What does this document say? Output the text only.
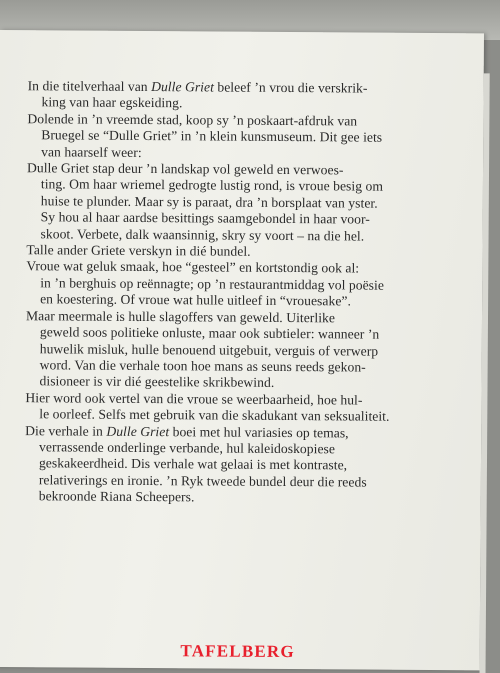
In die titelverhaal van Dulle Griet beleef ’n vrou die verskrik-
king van haar egskeiding.
Dolende in ’n vreemde stad, koop sy ’n poskaart-afdruk van
Bruegel se “Dulle Griet” in ’n klein kunsmuseum. Dit gee iets
van haarself weer:
Dulle Griet stap deur ’n landskap vol geweld en verwoes-
ting. Om haar wriemel gedrogte lustig rond, is vroue besig om
huise te plunder. Maar sy is paraat, dra ’n borsplaat van yster.
Sy hou al haar aardse besittings saamgebondel in haar voor-
skoot. Verbete, dalk waansinnig, skry sy voort – na die hel.
Talle ander Griete verskyn in dié bundel.
Vroue wat geluk smaak, hoe “gesteel” en kortstondig ook al:
in ’n berghuis op reënnagte; op ’n restaurantmiddag vol poësie
en koestering. Of vroue wat hulle uitleef in “vrouesake”.
Maar meermale is hulle slagoffers van geweld. Uiterlike
geweld soos politieke onluste, maar ook subtieler: wanneer ’n
huwelik misluk, hulle benouend uitgebuit, verguis of verwerp
word. Van die verhale toon hoe mans as seuns reeds gekon-
disioneer is vir dié geestelike skrikbewind.
Hier word ook vertel van die vroue se weerbaarheid, hoe hul-
le oorleef. Selfs met gebruik van die skadukant van seksualiteit.
Die verhale in Dulle Griet boei met hul variasies op temas,
verrassende onderlinge verbande, hul kaleidoskopiese
geskakeerdheid. Dis verhale wat gelaai is met kontraste,
relativerings en ironie. ’n Ryk tweede bundel deur die reeds
bekroonde Riana Scheepers.
TAFELBERG
